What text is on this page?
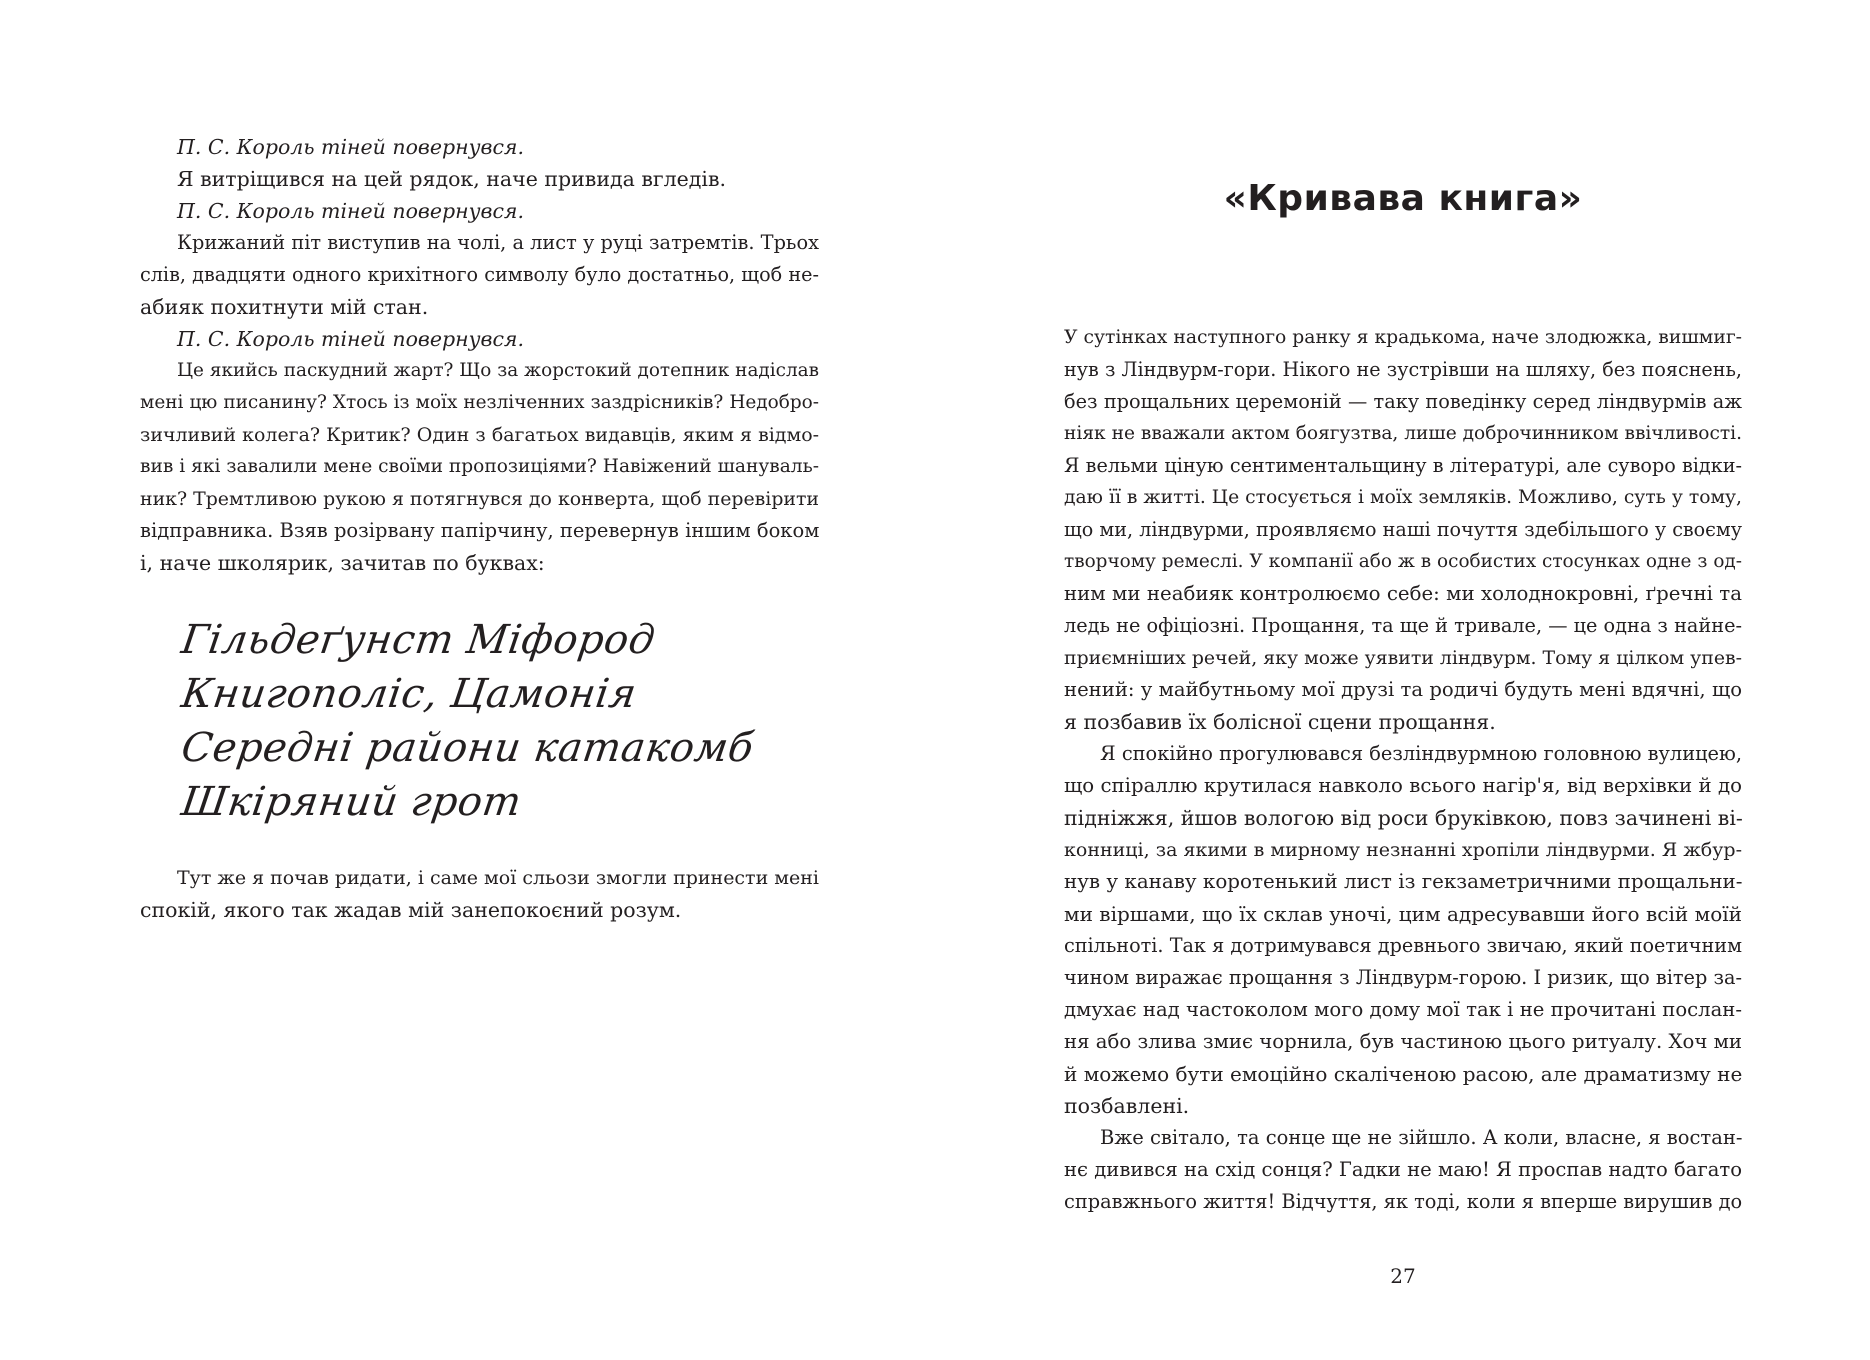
П. С. Король тіней повернувся.

Я витріщився на цей рядок, наче привида вгледів.

П. С. Король тіней повернувся.

Крижаний піт виступив на чолі, а лист у руці затремтів. Трьох

слів, двадцяти одного крихітного символу було достатньо, щоб не-

абияк похитнути мій стан.

П. С. Король тіней повернувся.

Це якийсь паскудний жарт? Що за жорстокий дотепник надіслав

мені цю писанину? Хтось із моїх незліченних заздрісників? Недобро-

зичливий колега? Критик? Один з багатьох видавців, яким я відмо-

вив і які завалили мене своїми пропозиціями? Навіжений шануваль-

ник? Тремтливою рукою я потягнувся до конверта, щоб перевірити

відправника. Взяв розірвану папірчину, перевернув іншим боком

і, наче школярик, зачитав по буквах:

Гільдеґунст Міфород
Книгополіс, Цамонія
Середні райони катакомб
Шкіряний грот

Тут же я почав ридати, і саме мої сльози змогли принести мені

спокій, якого так жадав мій занепокоєний розум.

«Кривава книга»

У сутінках наступного ранку я крадькома, наче злодюжка, вишмиг-

нув з Ліндвурм-гори. Нікого не зустрівши на шляху, без пояснень,

без прощальних церемоній — таку поведінку серед ліндвурмів аж

ніяк не вважали актом боягузтва, лише доброчинником ввічливості.

Я вельми ціную сентиментальщину в літературі, але суворо відки-

даю її в житті. Це стосується і моїх земляків. Можливо, суть у тому,

що ми, ліндвурми, проявляємо наші почуття здебільшого у своєму

творчому ремеслі. У компанії або ж в особистих стосунках одне з од-

ним ми неабияк контролюємо себе: ми холоднокровні, ґречні та

ледь не офіціозні. Прощання, та ще й тривале, — це одна з найне-

приємніших речей, яку може уявити ліндвурм. Тому я цілком упев-

нений: у майбутньому мої друзі та родичі будуть мені вдячні, що

я позбавив їх болісної сцени прощання.

Я спокійно прогулювався безліндвурмною головною вулицею,

що спіраллю крутилася навколо всього нагір'я, від верхівки й до

підніжжя, йшов вологою від роси бруківкою, повз зачинені ві-

конниці, за якими в мирному незнанні хропіли ліндвурми. Я жбур-

нув у канаву коротенький лист із гекзаметричними прощальни-

ми віршами, що їх склав уночі, цим адресувавши його всій моїй

спільноті. Так я дотримувався древнього звичаю, який поетичним

чином виражає прощання з Ліндвурм-горою. І ризик, що вітер за-

дмухає над частоколом мого дому мої так і не прочитані послан-

ня або злива змиє чорнила, був частиною цього ритуалу. Хоч ми

й можемо бути емоційно скаліченою расою, але драматизму не

позбавлені.

Вже світало, та сонце ще не зійшло. А коли, власне, я востан-

нє дивився на схід сонця? Гадки не маю! Я проспав надто багато

справжнього життя! Відчуття, як тоді, коли я вперше вирушив до

27
